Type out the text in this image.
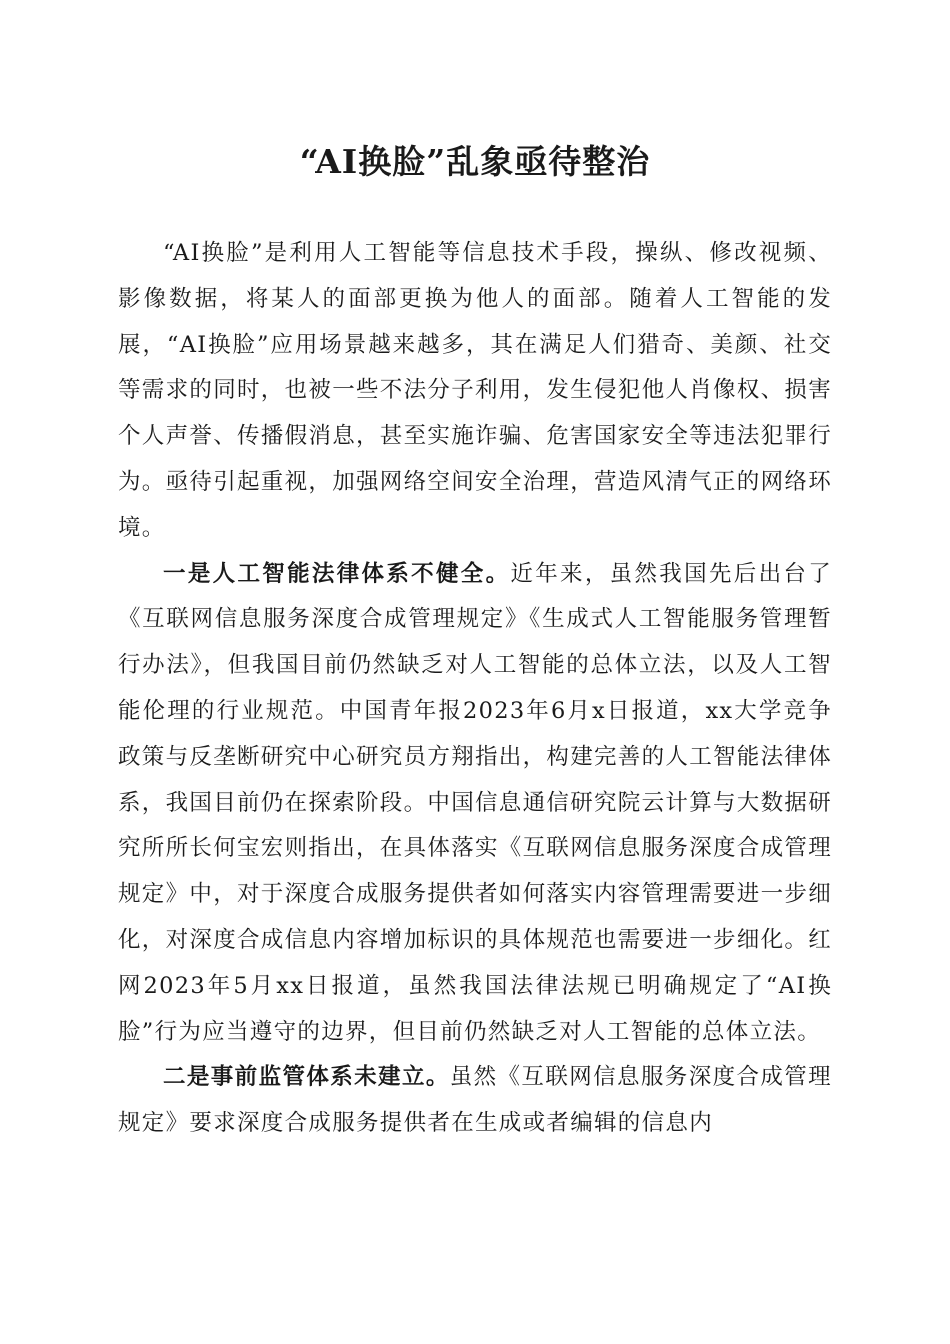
“AI换脸”乱象亟待整治

“AI换脸”是利用人工智能等信息技术手段，操纵、修改视频、影像数据，将某人的面部更换为他人的面部。随着人工智能的发展，“AI换脸”应用场景越来越多，其在满足人们猎奇、美颜、社交等需求的同时，也被一些不法分子利用，发生侵犯他人肖像权、损害个人声誉、传播假消息，甚至实施诈骗、危害国家安全等违法犯罪行为。亟待引起重视，加强网络空间安全治理，营造风清气正的网络环境。

一是人工智能法律体系不健全。近年来，虽然我国先后出台了《互联网信息服务深度合成管理规定》《生成式人工智能服务管理暂行办法》，但我国目前仍然缺乏对人工智能的总体立法，以及人工智能伦理的行业规范。中国青年报2023年6月x日报道，xx大学竞争政策与反垄断研究中心研究员方翔指出，构建完善的人工智能法律体系，我国目前仍在探索阶段。中国信息通信研究院云计算与大数据研究所所长何宝宏则指出，在具体落实《互联网信息服务深度合成管理规定》中，对于深度合成服务提供者如何落实内容管理需要进一步细化，对深度合成信息内容增加标识的具体规范也需要进一步细化。红网2023年5月xx日报道，虽然我国法律法规已明确规定了“AI换脸”行为应当遵守的边界，但目前仍然缺乏对人工智能的总体立法。

二是事前监管体系未建立。虽然《互联网信息服务深度合成管理规定》要求深度合成服务提供者在生成或者编辑的信息内
